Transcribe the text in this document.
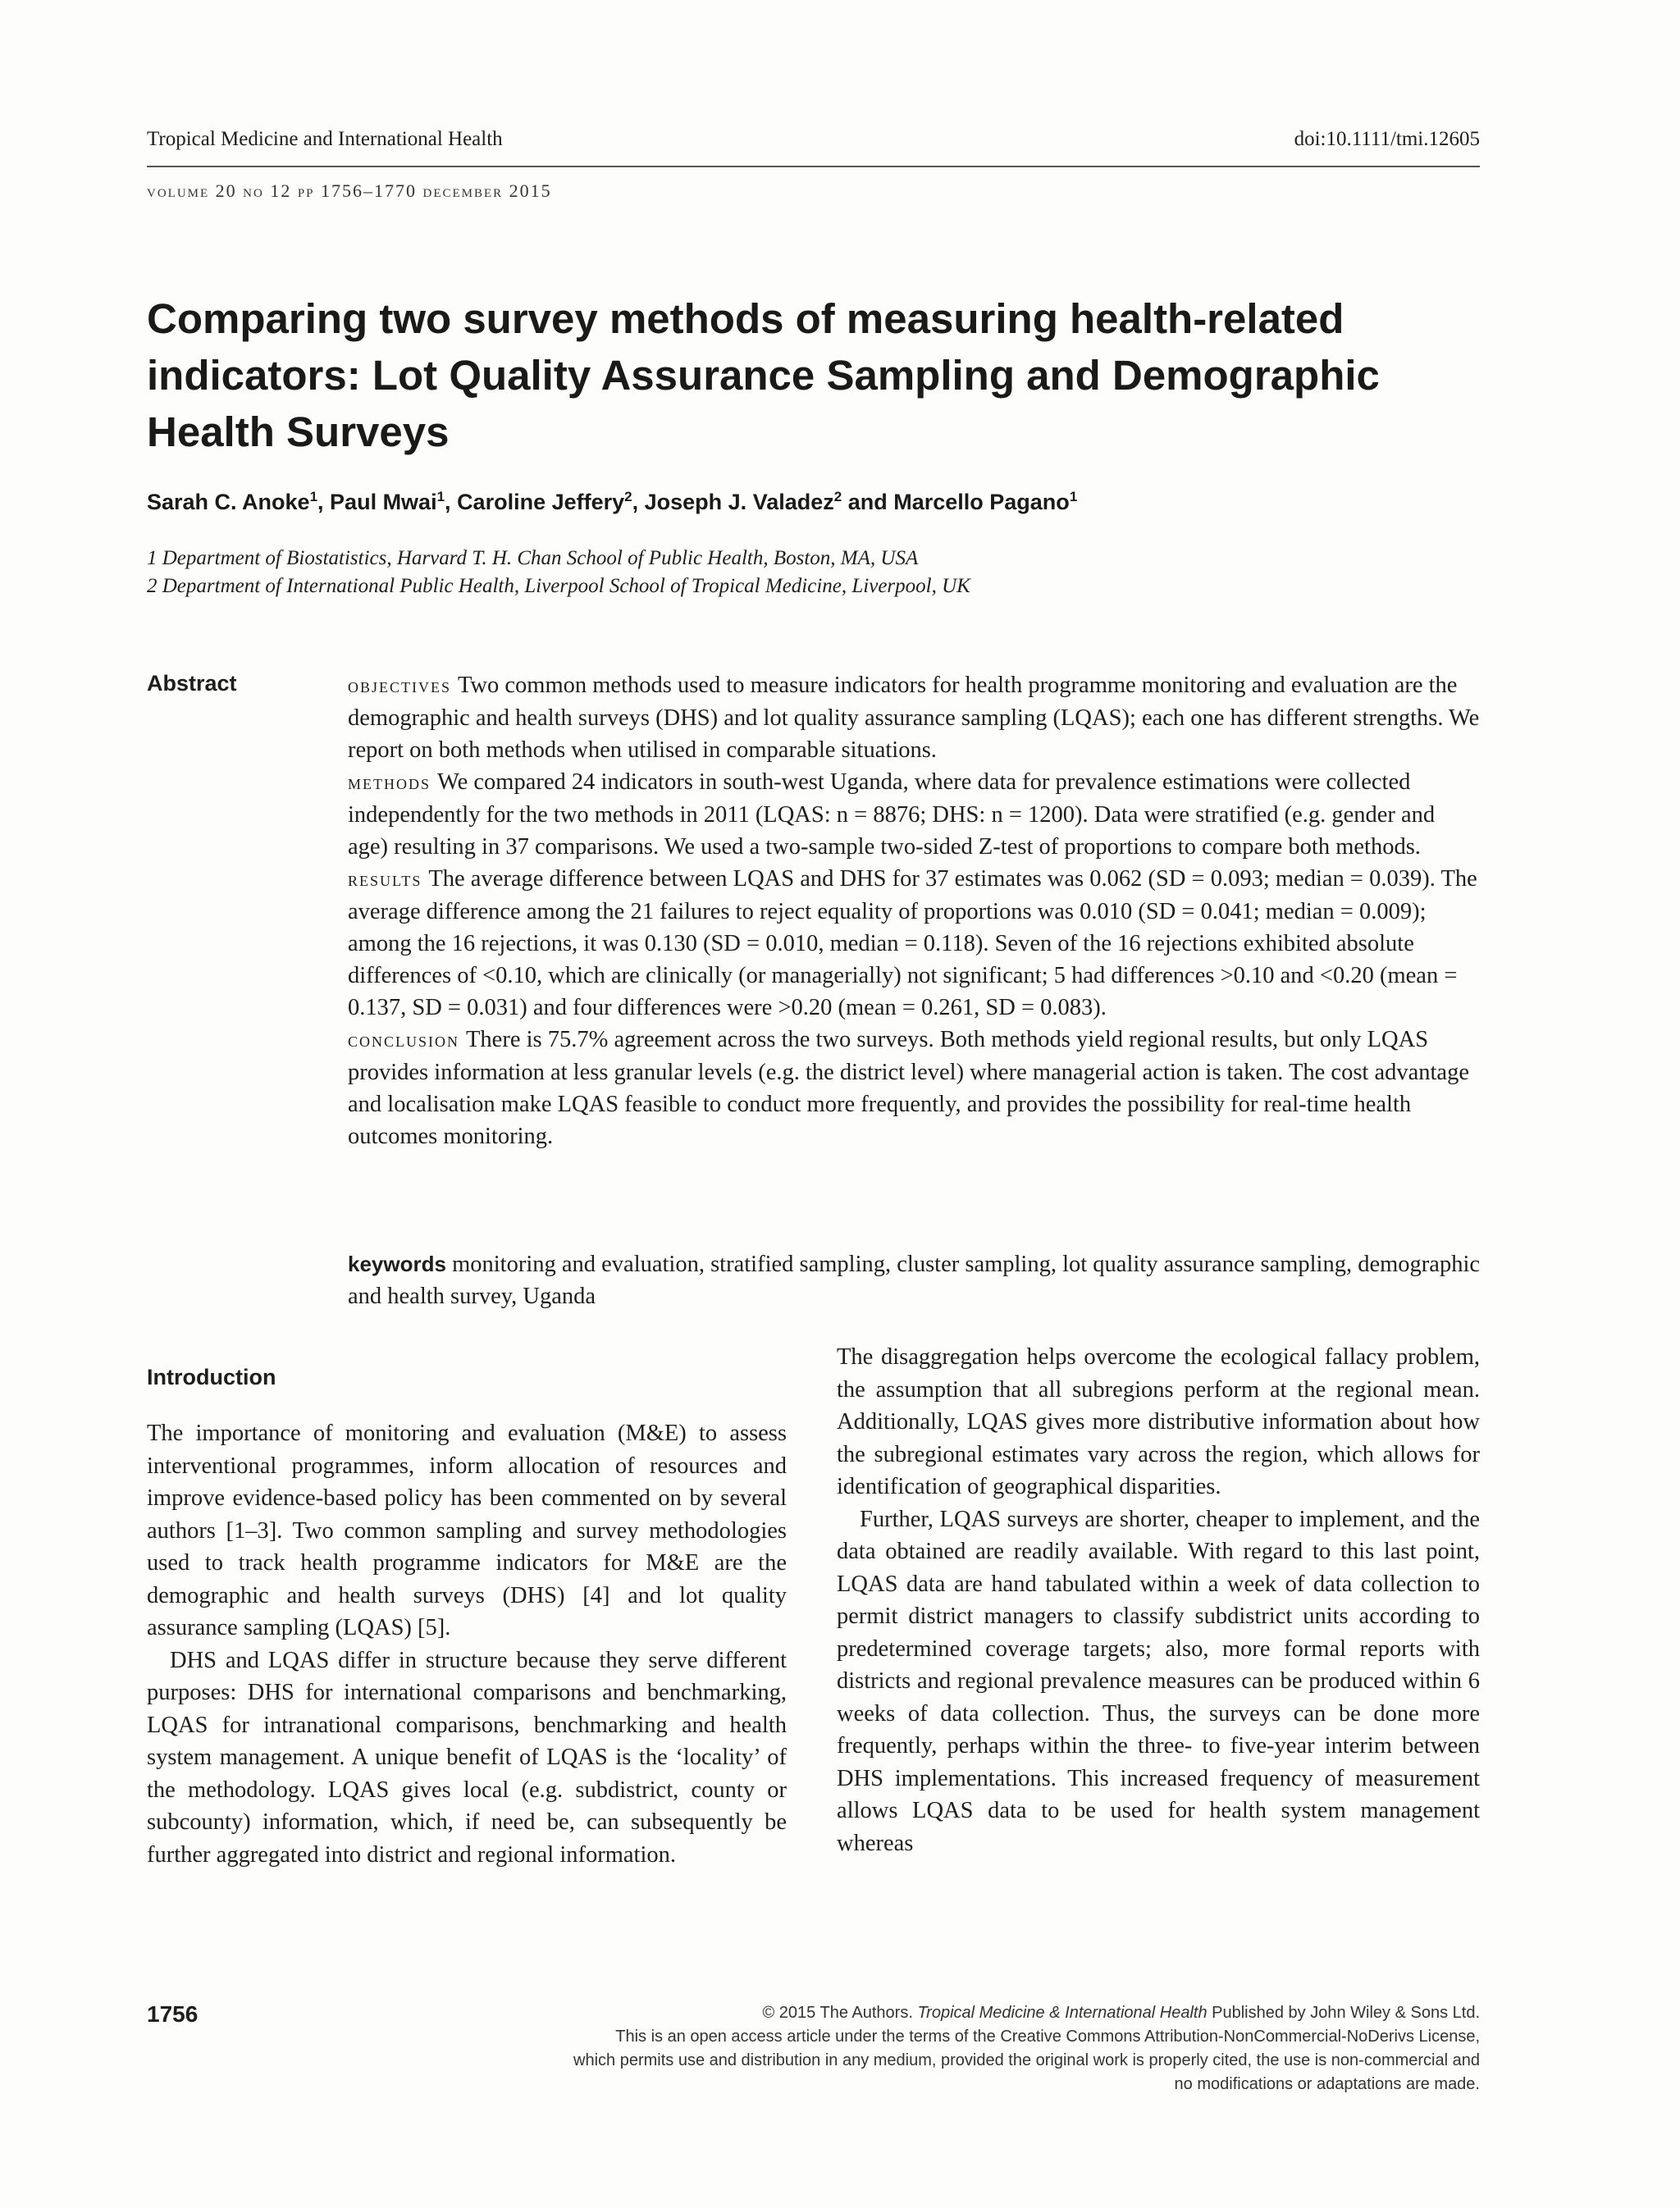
Tropical Medicine and International Health	doi:10.1111/tmi.12605
volume 20 no 12 pp 1756–1770 december 2015
Comparing two survey methods of measuring health-related indicators: Lot Quality Assurance Sampling and Demographic Health Surveys
Sarah C. Anoke$^1$, Paul Mwai$^1$, Caroline Jeffery$^2$, Joseph J. Valadez$^2$ and Marcello Pagano$^1$
1 Department of Biostatistics, Harvard T. H. Chan School of Public Health, Boston, MA, USA
2 Department of International Public Health, Liverpool School of Tropical Medicine, Liverpool, UK
Abstract	objectives Two common methods used to measure indicators for health programme monitoring and evaluation are the demographic and health surveys (DHS) and lot quality assurance sampling (LQAS); each one has different strengths. We report on both methods when utilised in comparable situations.

methods We compared 24 indicators in south-west Uganda, where data for prevalence estimations were collected independently for the two methods in 2011 (LQAS: n = 8876; DHS: n = 1200). Data were stratified (e.g. gender and age) resulting in 37 comparisons. We used a two-sample two-sided Z-test of proportions to compare both methods.

results The average difference between LQAS and DHS for 37 estimates was 0.062 (SD = 0.093; median = 0.039). The average difference among the 21 failures to reject equality of proportions was 0.010 (SD = 0.041; median = 0.009); among the 16 rejections, it was 0.130 (SD = 0.010, median = 0.118). Seven of the 16 rejections exhibited absolute differences of <0.10, which are clinically (or managerially) not significant; 5 had differences >0.10 and <0.20 (mean = 0.137, SD = 0.031) and four differences were >0.20 (mean = 0.261, SD = 0.083).

conclusion There is 75.7% agreement across the two surveys. Both methods yield regional results, but only LQAS provides information at less granular levels (e.g. the district level) where managerial action is taken. The cost advantage and localisation make LQAS feasible to conduct more frequently, and provides the possibility for real-time health outcomes monitoring.

keywords monitoring and evaluation, stratified sampling, cluster sampling, lot quality assurance sampling, demographic and health survey, Uganda
Introduction

The importance of monitoring and evaluation (M&E) to assess interventional programmes, inform allocation of resources and improve evidence-based policy has been commented on by several authors [1–3]. Two common sampling and survey methodologies used to track health programme indicators for M&E are the demographic and health surveys (DHS) [4] and lot quality assurance sampling (LQAS) [5].

DHS and LQAS differ in structure because they serve different purposes: DHS for international comparisons and benchmarking, LQAS for intranational comparisons, benchmarking and health system management. A unique benefit of LQAS is the ‘locality’ of the methodology. LQAS gives local (e.g. subdistrict, county or subcounty) information, which, if need be, can subsequently be further aggregated into district and regional information.

The disaggregation helps overcome the ecological fallacy problem, the assumption that all subregions perform at the regional mean. Additionally, LQAS gives more distributive information about how the subregional estimates vary across the region, which allows for identification of geographical disparities.

Further, LQAS surveys are shorter, cheaper to implement, and the data obtained are readily available. With regard to this last point, LQAS data are hand tabulated within a week of data collection to permit district managers to classify subdistrict units according to predetermined coverage targets; also, more formal reports with districts and regional prevalence measures can be produced within 6 weeks of data collection. Thus, the surveys can be done more frequently, perhaps within the three- to five-year interim between DHS implementations. This increased frequency of measurement allows LQAS data to be used for health system management whereas

1756	© 2015 The Authors. Tropical Medicine & International Health Published by John Wiley & Sons Ltd.
This is an open access article under the terms of the Creative Commons Attribution-NonCommercial-NoDerivs License,
which permits use and distribution in any medium, provided the original work is properly cited, the use is non-commercial and
no modifications or adaptations are made.
